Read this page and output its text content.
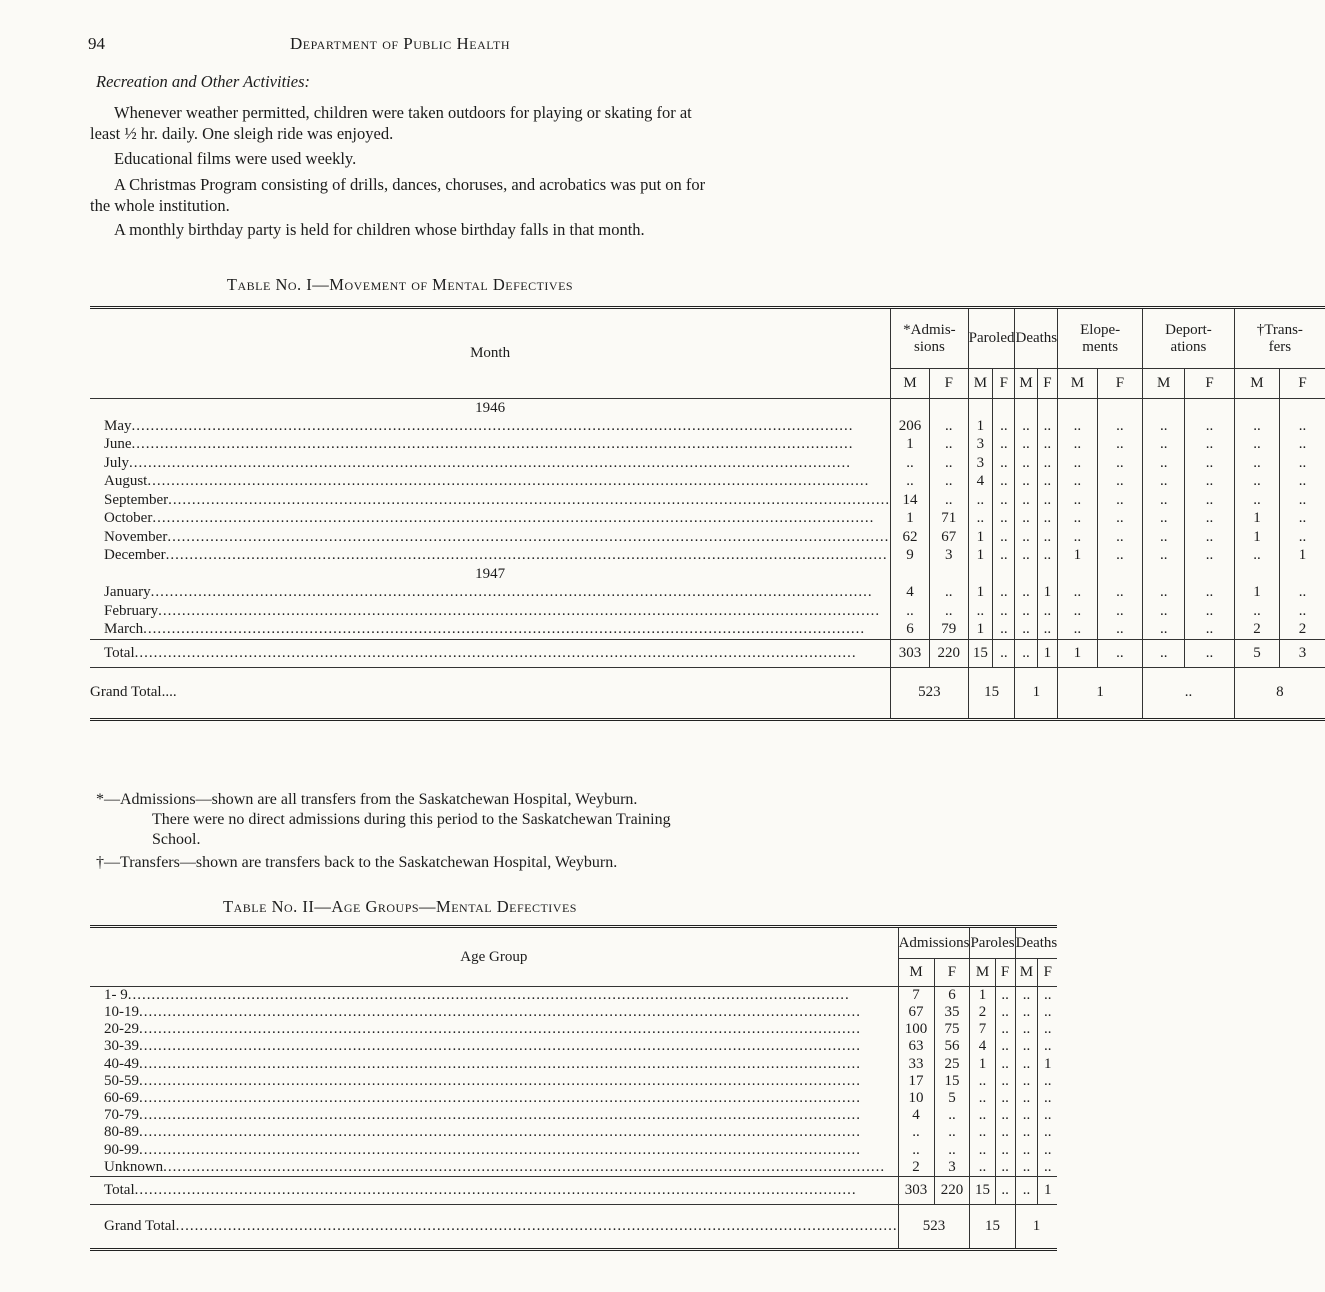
94	Department of Public Health
Recreation and Other Activities:

Whenever weather permitted, children were taken outdoors for playing or skating for at least ½ hr. daily. One sleigh ride was enjoyed.

Educational films were used weekly.

A Christmas Program consisting of drills, dances, choruses, and acrobatics was put on for the whole institution.

A monthly birthday party is held for children whose birthday falls in that month.

Table No. I—Movement of Mental Defectives
Month	*Admis-sions		Paroled		Deaths		Elope-ments		Deport-ations		†Trans-fers	
	M	F	M	F	M	F	M	F	M	F	M	F
1946												
May .....	206	..	1	..	..	..	..	..	..	..	..	..
June .....	1	..	3	..	..	..	..	..	..	..	..	..
July .....	..	..	3	..	..	..	..	..	..	..	..	..
August .....	..	..	4	..	..	..	..	..	..	..	..	..
September .....	14	..	..	..	..	..	..	..	..	..	..	..
October .....	1	71	..	..	..	..	..	..	..	..	1	..
November .....	62	67	1	..	..	..	..	..	..	..	1	..
December .....	9	3	1	..	..	..	1	..	..	..	..	1
1947												
January .....	4	..	1	..	..	1	..	..	..	..	1	..
February .....	..	..	..	..	..	..	..	..	..	..	..	..
March .....	6	79	1	..	..	..	..	..	..	..	2	2
Total .....	303	220	15	..	..	1	1	..	..	..	5	3
Grand Total....	523		15		1		1		..		8	
*—Admissions—shown are all transfers from the Saskatchewan Hospital, Weyburn.
There were no direct admissions during this period to the Saskatchewan Training School.
†—Transfers—shown are transfers back to the Saskatchewan Hospital, Weyburn.
Table No. II—Age Groups—Mental Defectives
Age Group	Admissions		Paroles		Deaths	
	M	F	M	F	M	F
1- 9 .....	7	6	1	..	..	..
10-19 .....	67	35	2	..	..	..
20-29 .....	100	75	7	..	..	..
30-39 .....	63	56	4	..	..	..
40-49 .....	33	25	1	..	..	1
50-59 .....	17	15	..	..	..	..
60-69 .....	10	5	..	..	..	..
70-79 .....	4	..	..	..	..	..
80-89 .....	..	..	..	..	..	..
90-99 .....	..	..	..	..	..	..
Unknown .....	2	3	..	..	..	..
Total .....	303	220	15	..	..	1
Grand Total .....	523		15		1	
